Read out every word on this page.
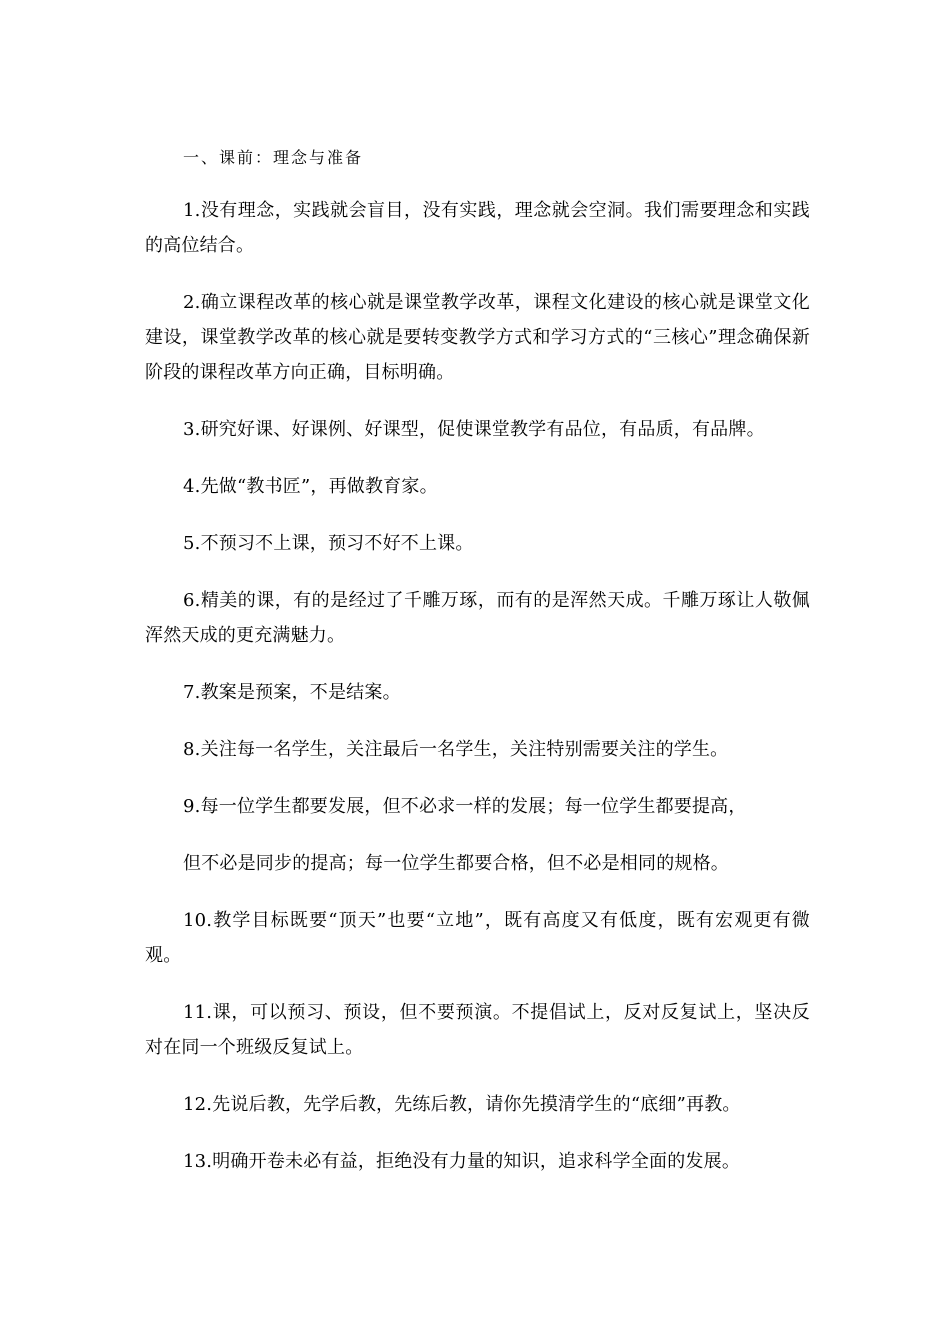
一、课前：理念与准备

1.没有理念，实践就会盲目，没有实践，理念就会空洞。我们需要理念和实践的高位结合。

2.确立课程改革的核心就是课堂教学改革，课程文化建设的核心就是课堂文化建设，课堂教学改革的核心就是要转变教学方式和学习方式的“三核心”理念确保新阶段的课程改革方向正确，目标明确。

3.研究好课、好课例、好课型，促使课堂教学有品位，有品质，有品牌。

4.先做“教书匠”，再做教育家。

5.不预习不上课，预习不好不上课。

6.精美的课，有的是经过了千雕万琢，而有的是浑然天成。千雕万琢让人敬佩浑然天成的更充满魅力。

7.教案是预案，不是结案。

8.关注每一名学生，关注最后一名学生，关注特别需要关注的学生。

9.每一位学生都要发展，但不必求一样的发展；每一位学生都要提高，

但不必是同步的提高；每一位学生都要合格，但不必是相同的规格。

10.教学目标既要“顶天”也要“立地”，既有高度又有低度，既有宏观更有微观。

11.课，可以预习、预设，但不要预演。不提倡试上，反对反复试上，坚决反对在同一个班级反复试上。

12.先说后教，先学后教，先练后教，请你先摸清学生的“底细”再教。

13.明确开卷未必有益，拒绝没有力量的知识，追求科学全面的发展。
